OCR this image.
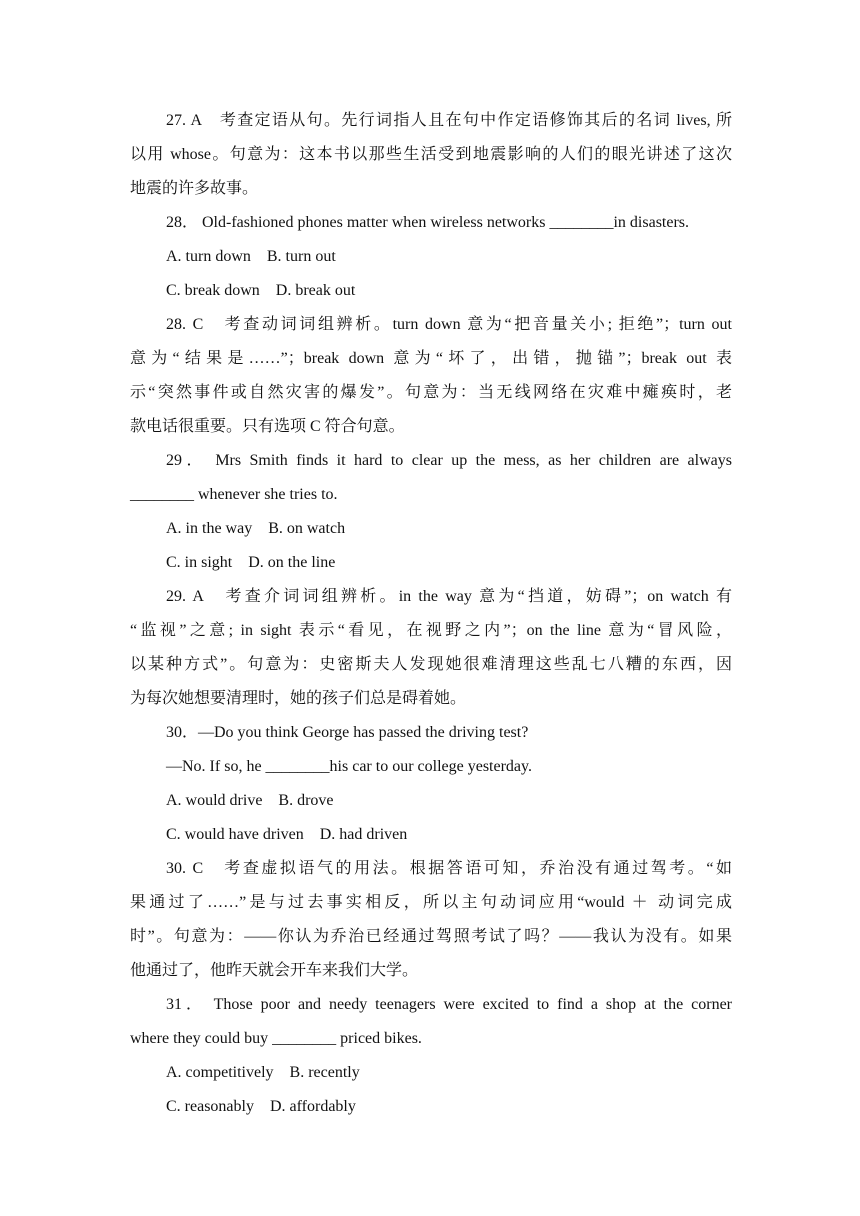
27. A　考查定语从句。先行词指人且在句中作定语修饰其后的名词 lives, 所
以用 whose。句意为：这本书以那些生活受到地震影响的人们的眼光讲述了这次
地震的许多故事。
28． Old-fashioned phones matter when wireless networks ________in disasters.
A. turn down　B. turn out
C. break down　D. break out
28. C　考查动词词组辨析。turn down 意为“把音量关小; 拒绝”；turn out
意为“结果是……”；break down 意为“坏了，出错，抛锚”；break out 表
示“突然事件或自然灾害的爆发”。句意为：当无线网络在灾难中瘫痪时，老
款电话很重要。只有选项 C 符合句意。
29． Mrs Smith finds it hard to clear up the mess, as her children are always
________ whenever she tries to.
A. in the way　B. on watch
C. in sight　D. on the line
29. A　考查介词词组辨析。in the way 意为“挡道，妨碍”；on watch 有
“监视”之意; in sight 表示“看见，在视野之内”；on the line 意为“冒风险，
以某种方式”。句意为：史密斯夫人发现她很难清理这些乱七八糟的东西，因
为每次她想要清理时，她的孩子们总是碍着她。
30．—Do you think George has passed the driving test?
—No. If so, he ________his car to our college yesterday.
A. would drive　B. drove
C. would have driven　D. had driven
30. C　考查虚拟语气的用法。根据答语可知，乔治没有通过驾考。“如
果通过了……”是与过去事实相反，所以主句动词应用“would ＋ 动词完成
时”。句意为：——你认为乔治已经通过驾照考试了吗？——我认为没有。如果
他通过了，他昨天就会开车来我们大学。
31． Those poor and needy teenagers were excited to find a shop at the corner
where they could buy ________ priced bikes.
A. competitively　B. recently
C. reasonably　D. affordably
